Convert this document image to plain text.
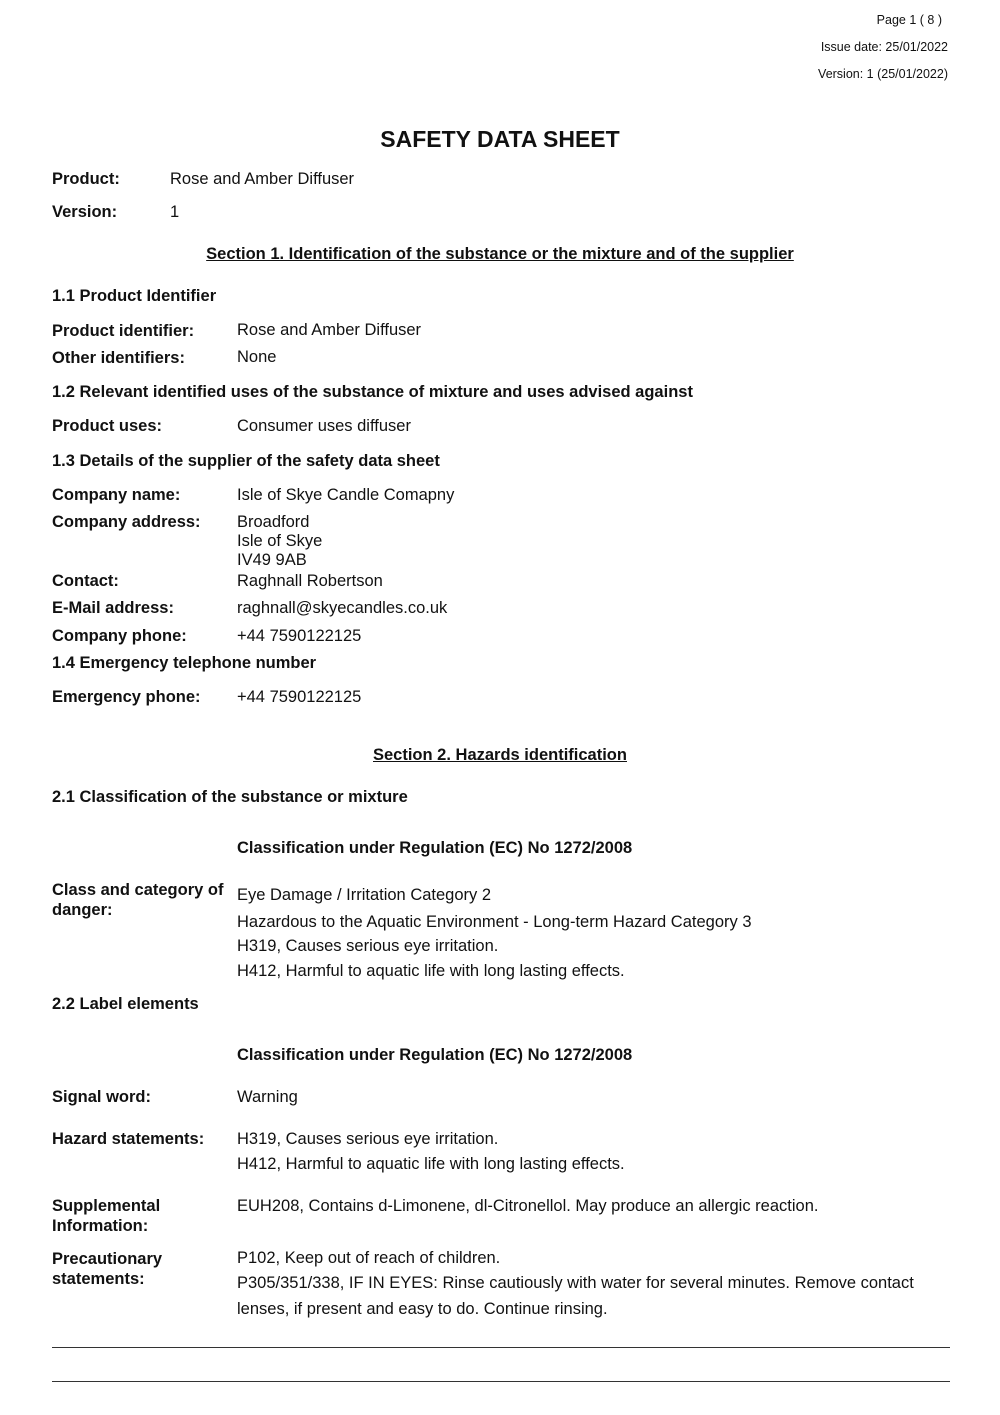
Page 1 ( 8 )
Issue date: 25/01/2022
Version: 1 (25/01/2022)
SAFETY DATA SHEET
Product:	Rose and Amber Diffuser
Version:	1
Section 1. Identification of the substance or the mixture and of the supplier
1.1 Product Identifier
Product identifier:	Rose and Amber Diffuser
Other identifiers:	None
1.2 Relevant identified uses of the substance of mixture and uses advised against
Product uses:	Consumer uses diffuser
1.3 Details of the supplier of the safety data sheet
Company name:	Isle of Skye Candle Comapny
Company address: Broadford
Isle of Skye
IV49 9AB
Contact:	Raghnall Robertson
E-Mail address:	raghnall@skyecandles.co.uk
Company phone:	+44 7590122125
1.4 Emergency telephone number
Emergency phone: +44 7590122125
Section 2. Hazards identification
2.1 Classification of the substance or mixture
Classification under Regulation (EC) No 1272/2008
Class and category of danger:
Eye Damage / Irritation Category 2
Hazardous to the Aquatic Environment - Long-term Hazard Category 3
H319, Causes serious eye irritation.
H412, Harmful to aquatic life with long lasting effects.
2.2 Label elements
Classification under Regulation (EC) No 1272/2008
Signal word:	Warning
Hazard statements: H319, Causes serious eye irritation.
H412, Harmful to aquatic life with long lasting effects.
Supplemental Information:
EUH208, Contains d-Limonene, dl-Citronellol. May produce an allergic reaction.
Precautionary statements:
P102, Keep out of reach of children.
P305/351/338, IF IN EYES: Rinse cautiously with water for several minutes. Remove contact lenses, if present and easy to do. Continue rinsing.
